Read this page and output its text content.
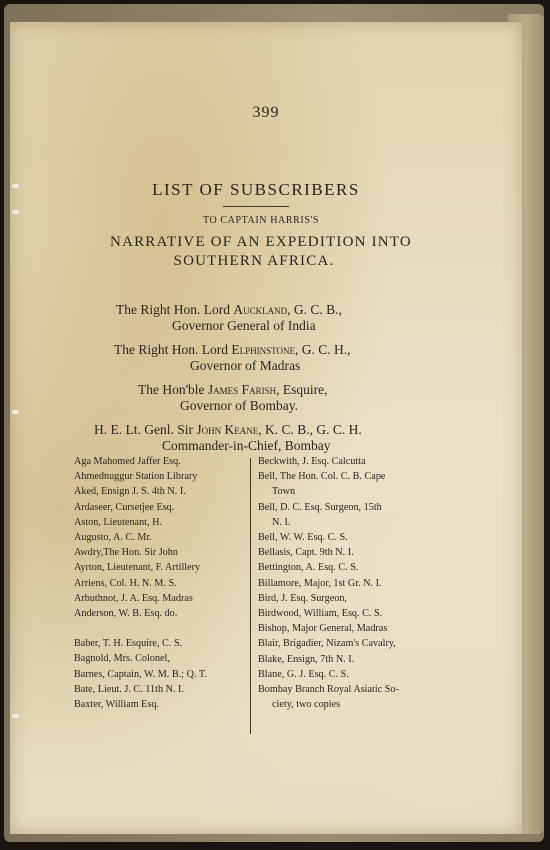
399
LIST OF SUBSCRIBERS
TO CAPTAIN HARRIS'S
NARRATIVE OF AN EXPEDITION INTO
SOUTHERN AFRICA.
The Right Hon. Lord Auckland, G. C. B.,
Governor General of India
The Right Hon. Lord Elphinstone, G. C. H.,
Governor of Madras
The Hon'ble James Farish, Esquire,
Governor of Bombay.
H. E. Lt. Genl. Sir John Keane, K. C. B., G. C. H.
Commander-in-Chief, Bombay
Aga Mahomed Jaffer Esq.
Ahmednuggur Station Library
Aked, Ensign J. S. 4th N. I.
Ardaseer, Cursetjee Esq.
Aston, Lieutenant, H.
Augusto, A. C. Mr.
Awdry,The Hon. Sir John
Ayrton, Lieutenant, F. Artillery
Arriens, Col. H. N. M. S.
Arbuthnot, J. A. Esq. Madras
Anderson, W. B. Esq. do.
Baber, T. H. Esquire, C. S.
Bagnold, Mrs. Colonel,
Barnes, Captain, W. M. B.; Q. T.
Bate, Lieut. J. C. 11th N. I.
Baxter, William Esq.
Beckwith, J. Esq. Calcutta
Bell, The Hon. Col. C. B. Cape
Town
Bell, D. C. Esq. Surgeon, 15th
N. I.
Bell, W. W. Esq. C. S.
Bellasis, Capt. 9th N. I.
Bettington, A. Esq. C. S.
Billamore, Major, 1st Gr. N. I.
Bird, J. Esq. Surgeon,
Birdwood, William, Esq. C. S.
Bishop, Major General, Madras
Blair, Brigadier, Nizam's Cavalry,
Blake, Ensign, 7th N. I.
Blane, G. J. Esq. C. S.
Bombay Branch Royal Asiatic So-
ciety, two copies
